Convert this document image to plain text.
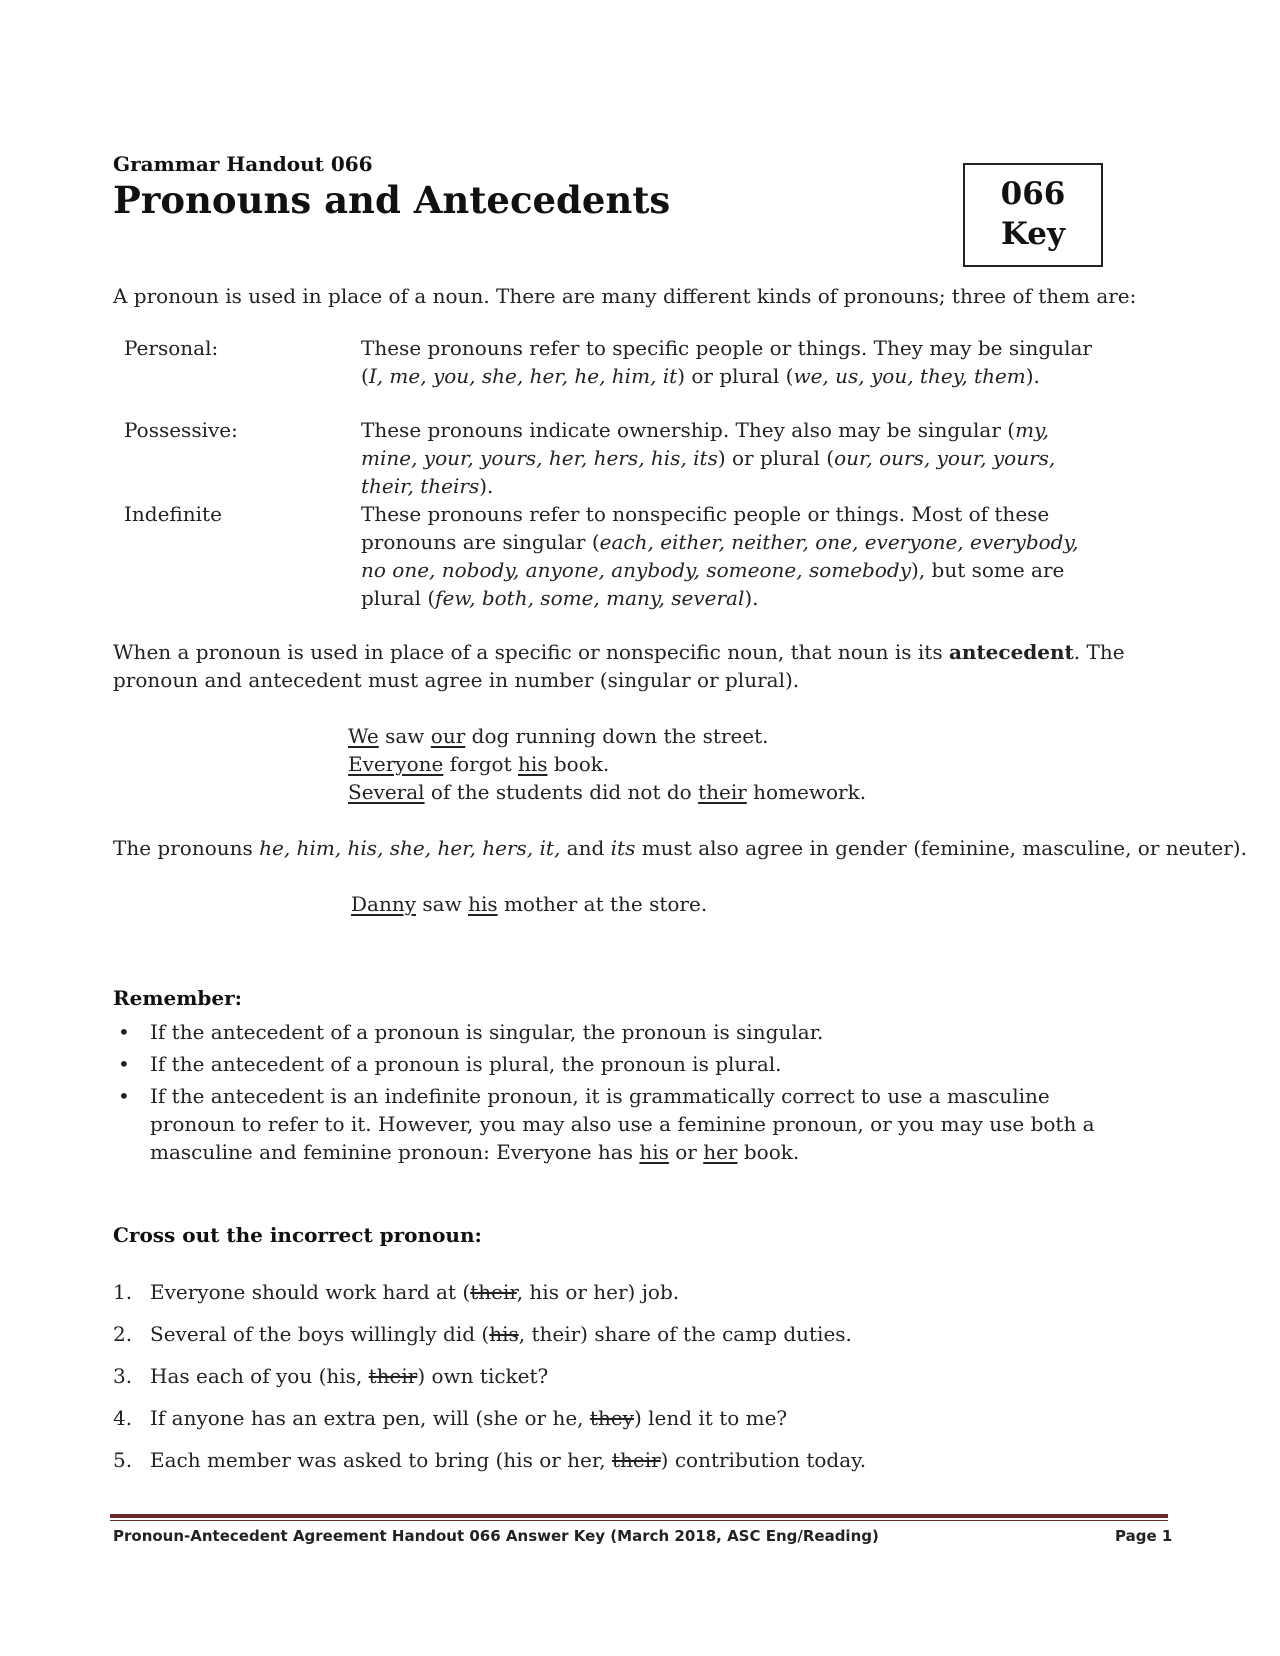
Grammar Handout 066
Pronouns and Antecedents	066
Key
A pronoun is used in place of a noun. There are many different kinds of pronouns; three of them are:
Personal:	These pronouns refer to specific people or things. They may be singular (I, me, you, she, her, he, him, it) or plural (we, us, you, they, them).
Possessive:	These pronouns indicate ownership. They also may be singular (my, mine, your, yours, her, hers, his, its) or plural (our, ours, your, yours, their, theirs).
Indefinite	These pronouns refer to nonspecific people or things. Most of these pronouns are singular (each, either, neither, one, everyone, everybody, no one, nobody, anyone, anybody, someone, somebody), but some are plural (few, both, some, many, several).
When a pronoun is used in place of a specific or nonspecific noun, that noun is its antecedent. The pronoun and antecedent must agree in number (singular or plural).
We saw our dog running down the street.
Everyone forgot his book.
Several of the students did not do their homework.
The pronouns he, him, his, she, her, hers, it, and its must also agree in gender (feminine, masculine, or neuter).
Danny saw his mother at the store.
Remember:
• If the antecedent of a pronoun is singular, the pronoun is singular.
• If the antecedent of a pronoun is plural, the pronoun is plural.
• If the antecedent is an indefinite pronoun, it is grammatically correct to use a masculine pronoun to refer to it. However, you may also use a feminine pronoun, or you may use both a masculine and feminine pronoun: Everyone has his or her book.
Cross out the incorrect pronoun:
1. Everyone should work hard at (their, his or her) job.
2. Several of the boys willingly did (his, their) share of the camp duties.
3. Has each of you (his, their) own ticket?
4. If anyone has an extra pen, will (she or he, they) lend it to me?
5. Each member was asked to bring (his or her, their) contribution today.
Pronoun-Antecedent Agreement Handout 066 Answer Key (March 2018, ASC Eng/Reading)	Page 1
